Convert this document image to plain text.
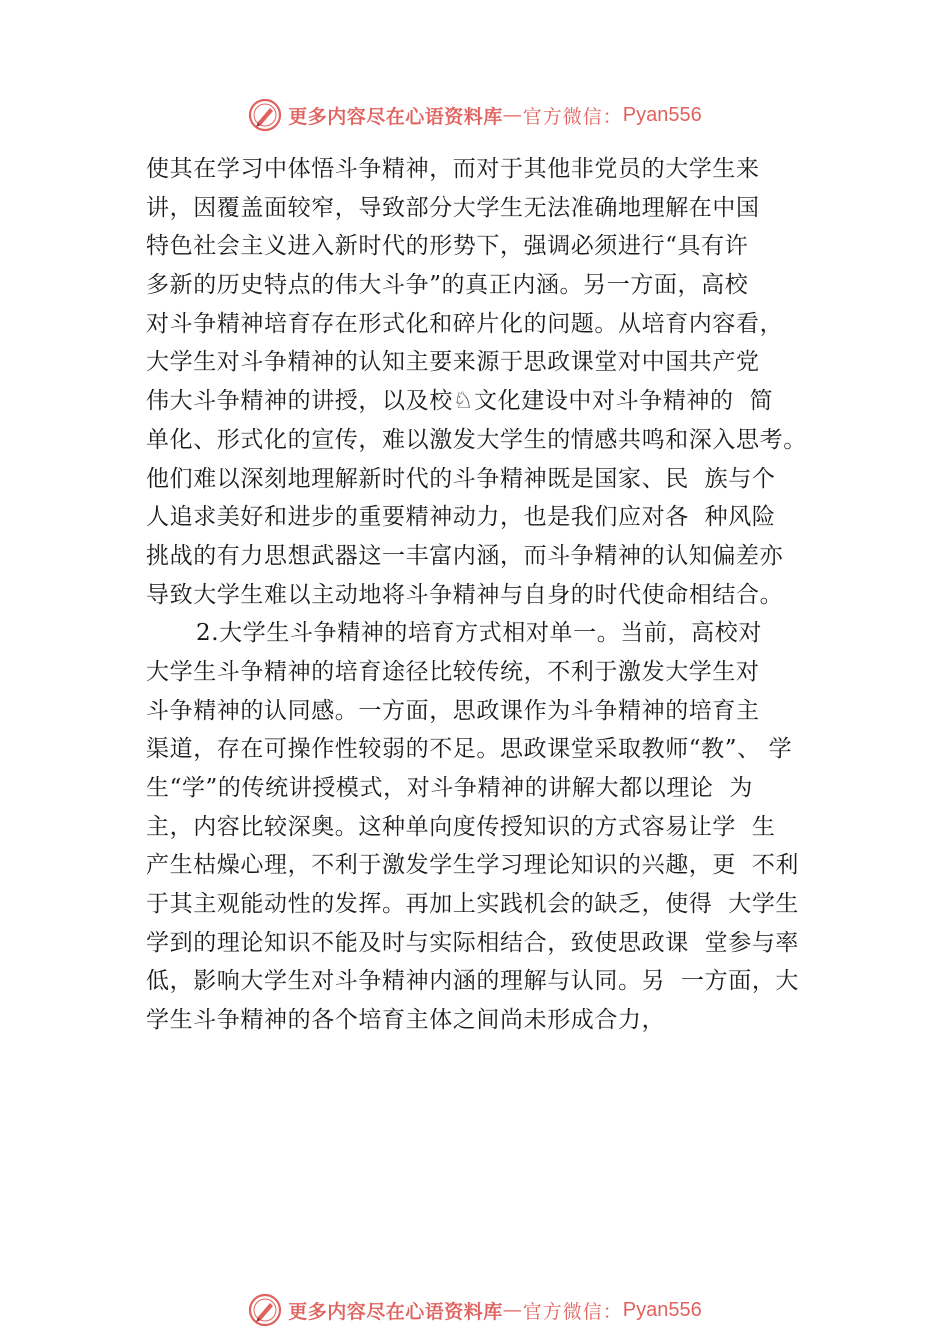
更多内容尽在心语资料库 — 官方微信： Pyan556
使其在学习中体悟斗争精神，而对于其他非党员的大学生来
讲，因覆盖面较窄，导致部分大学生无法准确地理解在中国
特色社会主义进入新时代的形势下，强调必须进行“具有许
多新的历史特点的伟大斗争”的真正内涵。另一方面，高校
对斗争精神培育存在形式化和碎片化的问题。从培育内容看，
大学生对斗争精神的认知主要来源于思政课堂对中国共产党
伟大斗争精神的讲授，以及校♘文化建设中对斗争精神的  简
单化、形式化的宣传，难以激发大学生的情感共鸣和深入思考。
他们难以深刻地理解新时代的斗争精神既是国家、民  族与个
人追求美好和进步的重要精神动力，也是我们应对各  种风险
挑战的有力思想武器这一丰富内涵，而斗争精神的认知偏差亦
导致大学生难以主动地将斗争精神与自身的时代使命相结合。
2.大学生斗争精神的培育方式相对单一。当前，高校对
大学生斗争精神的培育途径比较传统，不利于激发大学生对
斗争精神的认同感。一方面，思政课作为斗争精神的培育主
渠道，存在可操作性较弱的不足。思政课堂采取教师“教”、 学
生“学”的传统讲授模式，对斗争精神的讲解大都以理论  为
主，内容比较深奥。这种单向度传授知识的方式容易让学  生
产生枯燥心理，不利于激发学生学习理论知识的兴趣，更  不利
于其主观能动性的发挥。再加上实践机会的缺乏，使得  大学生
学到的理论知识不能及时与实际相结合，致使思政课  堂参与率
低，影响大学生对斗争精神内涵的理解与认同。另  一方面，大
学生斗争精神的各个培育主体之间尚未形成合力，
更多内容尽在心语资料库 — 官方微信： Pyan556
